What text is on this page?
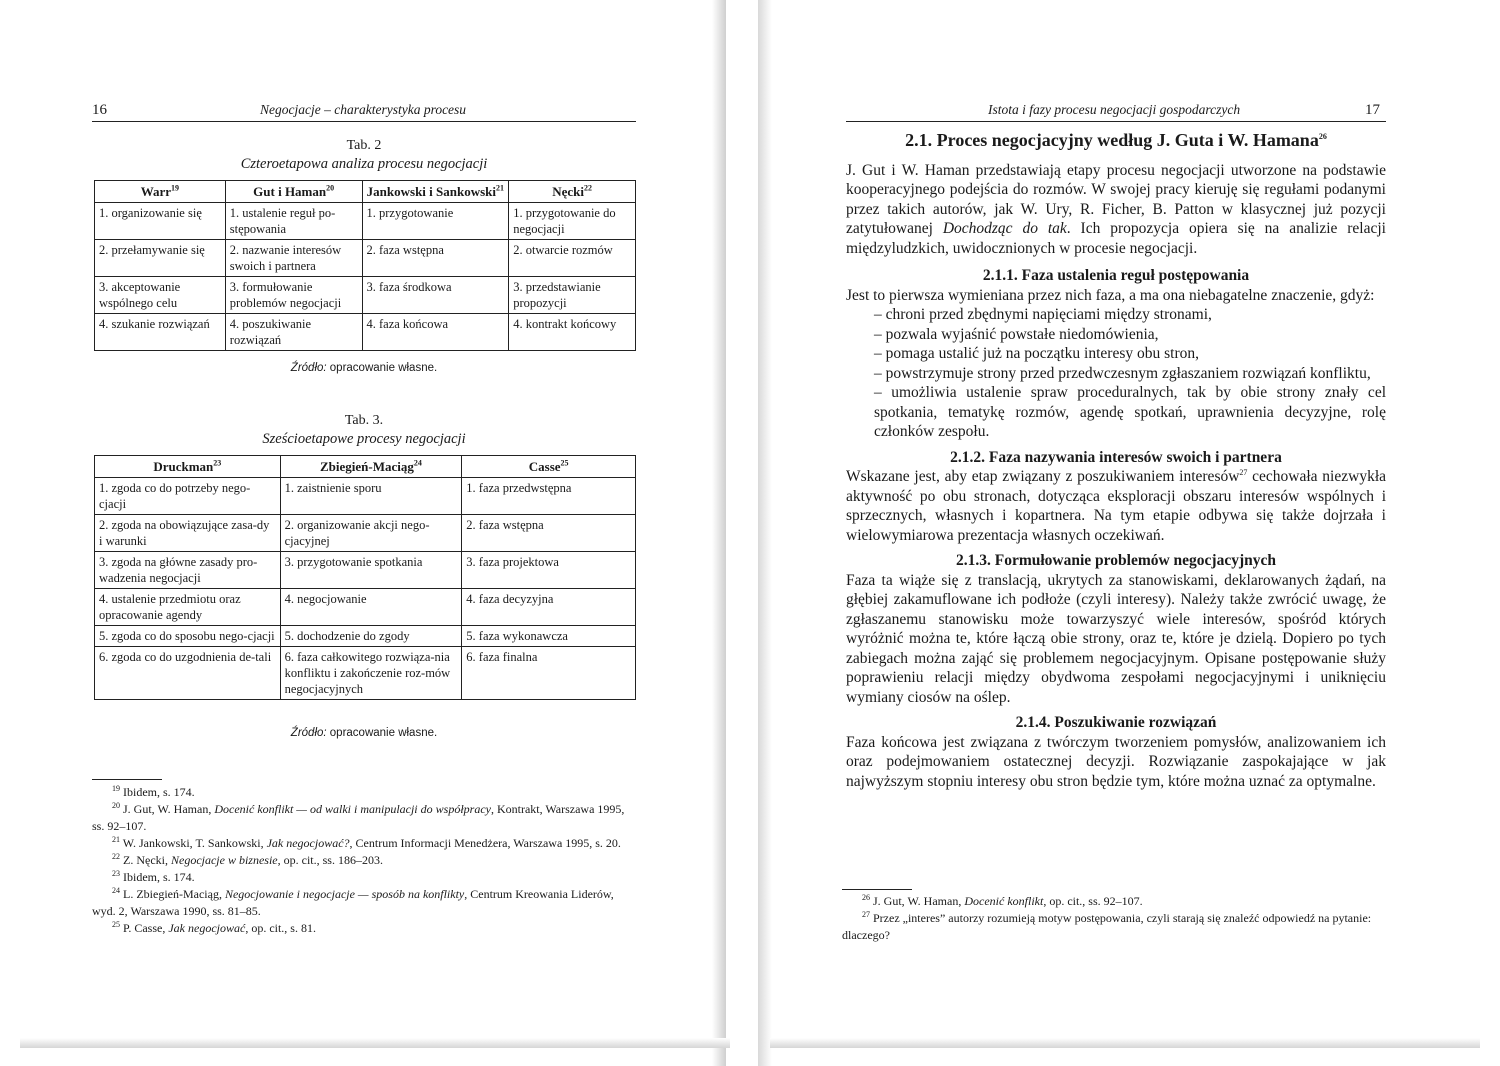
16	Negocjacje – charakterystyka procesu
Tab. 2
Czteroetapowa analiza procesu negocjacji
Warr$^{19}$	Gut i Haman$^{20}$	Jankowski i Sankowski$^{21}$	Nęcki$^{22}$
1. organizowanie się	1. ustalenie reguł po-stępowania	1. przygotowanie	1. przygotowanie do negocjacji
2. przełamywanie się	2. nazwanie interesów swoich i partnera	2. faza wstępna	2. otwarcie rozmów
3. akceptowanie wspólnego celu	3. formułowanie problemów negocjacji	3. faza środkowa	3. przedstawianie propozycji
4. szukanie rozwiązań	4. poszukiwanie rozwiązań	4. faza końcowa	4. kontrakt końcowy
Źródło: opracowanie własne.
Tab. 3.
Sześcioetapowe procesy negocjacji
Druckman$^{23}$	Zbiegień-Maciąg$^{24}$	Casse$^{25}$
1. zgoda co do potrzeby nego-cjacji	1. zaistnienie sporu	1. faza przedwstępna
2. zgoda na obowiązujące zasa-dy i warunki	2. organizowanie akcji nego-cjacyjnej	2. faza wstępna
3. zgoda na główne zasady pro-wadzenia negocjacji	3. przygotowanie spotkania	3. faza projektowa
4. ustalenie przedmiotu oraz opracowanie agendy	4. negocjowanie	4. faza decyzyjna
5. zgoda co do sposobu nego-cjacji	5. dochodzenie do zgody	5. faza wykonawcza
6. zgoda co do uzgodnienia de-tali	6. faza całkowitego rozwiąza-nia konfliktu i zakończenie roz-mów negocjacyjnych	6. faza finalna
Źródło: opracowanie własne.

$^{19}$ Ibidem, s. 174.

$^{20}$ J. Gut, W. Haman, Docenić konflikt — od walki i manipulacji do współpracy, Kontrakt, Warszawa 1995, ss. 92–107.

$^{21}$ W. Jankowski, T. Sankowski, Jak negocjować?, Centrum Informacji Menedżera, Warszawa 1995, s. 20.

$^{22}$ Z. Nęcki, Negocjacje w biznesie, op. cit., ss. 186–203.

$^{23}$ Ibidem, s. 174.

$^{24}$ L. Zbiegień-Maciąg, Negocjowanie i negocjacje — sposób na konflikty, Centrum Kreowania Liderów, wyd. 2, Warszawa 1990, ss. 81–85.

$^{25}$ P. Casse, Jak negocjować, op. cit., s. 81.

Istota i fazy procesu negocjacji gospodarczych	17

2.1. Proces negocjacyjny według J. Guta i W. Hamana$^{26}$

J. Gut i W. Haman przedstawiają etapy procesu negocjacji utworzone na podstawie kooperacyjnego podejścia do rozmów. W swojej pracy kieruję się regułami podanymi przez takich autorów, jak W. Ury, R. Ficher, B. Patton w klasycznej już pozycji zatytułowanej Dochodząc do tak. Ich propozycja opiera się na analizie relacji międzyludzkich, uwidocznionych w procesie negocjacji.

2.1.1. Faza ustalenia reguł postępowania

Jest to pierwsza wymieniana przez nich faza, a ma ona niebagatelne znaczenie, gdyż:

– chroni przed zbędnymi napięciami między stronami,

– pozwala wyjaśnić powstałe niedomówienia,

– pomaga ustalić już na początku interesy obu stron,

– powstrzymuje strony przed przedwczesnym zgłaszaniem rozwiązań konfliktu,

– umożliwia ustalenie spraw proceduralnych, tak by obie strony znały cel spotkania, tematykę rozmów, agendę spotkań, uprawnienia decyzyjne, rolę członków zespołu.

2.1.2. Faza nazywania interesów swoich i partnera

Wskazane jest, aby etap związany z poszukiwaniem interesów$^{27}$ cechowała niezwykła aktywność po obu stronach, dotycząca eksploracji obszaru interesów wspólnych i sprzecznych, własnych i kopartnera. Na tym etapie odbywa się także dojrzała i wielowymiarowa prezentacja własnych oczekiwań.

2.1.3. Formułowanie problemów negocjacyjnych

Faza ta wiąże się z translacją, ukrytych za stanowiskami, deklarowanych żądań, na głębiej zakamuflowane ich podłoże (czyli interesy). Należy także zwrócić uwagę, że zgłaszanemu stanowisku może towarzyszyć wiele interesów, spośród których wyróżnić można te, które łączą obie strony, oraz te, które je dzielą. Dopiero po tych zabiegach można zająć się problemem negocjacyjnym. Opisane postępowanie służy poprawieniu relacji między obydwoma zespołami negocjacyjnymi i uniknięciu wymiany ciosów na oślep.

2.1.4. Poszukiwanie rozwiązań

Faza końcowa jest związana z twórczym tworzeniem pomysłów, analizowaniem ich oraz podejmowaniem ostatecznej decyzji. Rozwiązanie zaspokajające w jak najwyższym stopniu interesy obu stron będzie tym, które można uznać za optymalne.

$^{26}$ J. Gut, W. Haman, Docenić konflikt, op. cit., ss. 92–107.

$^{27}$ Przez „interes” autorzy rozumieją motyw postępowania, czyli starają się znaleźć odpowiedź na pytanie: dlaczego?
